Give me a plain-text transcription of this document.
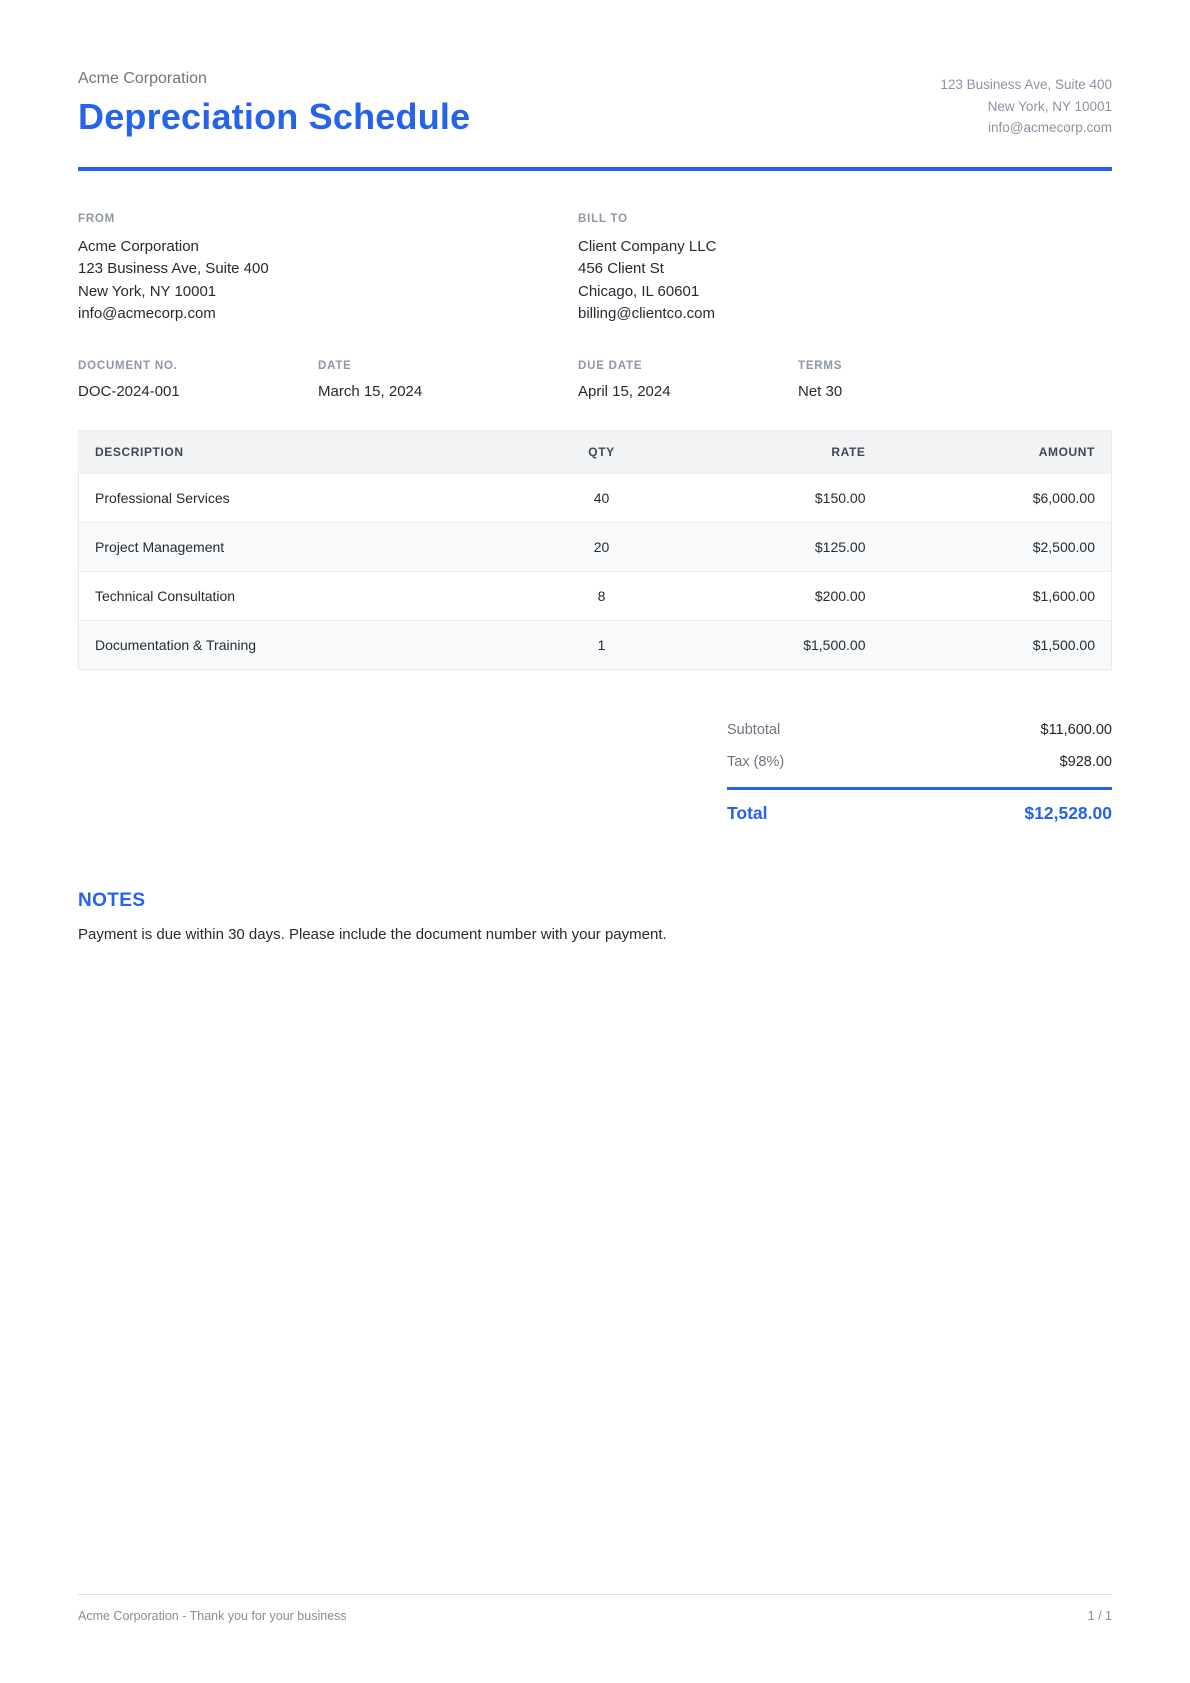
Acme Corporation
Depreciation Schedule
123 Business Ave, Suite 400
New York, NY 10001
info@acmecorp.com
FROM
Acme Corporation
123 Business Ave, Suite 400
New York, NY 10001
info@acmecorp.com
BILL TO
Client Company LLC
456 Client St
Chicago, IL 60601
billing@clientco.com
DOCUMENT NO.
DOC-2024-001
DATE
March 15, 2024
DUE DATE
April 15, 2024
TERMS
Net 30
DESCRIPTION	QTY	RATE	AMOUNT
Professional Services	40	$150.00	$6,000.00
Project Management	20	$125.00	$2,500.00
Technical Consultation	8	$200.00	$1,600.00
Documentation & Training	1	$1,500.00	$1,500.00
Subtotal	$11,600.00
Tax (8%)	$928.00
Total	$12,528.00
NOTES
Payment is due within 30 days. Please include the document number with your payment.
Acme Corporation - Thank you for your business	1 / 1
